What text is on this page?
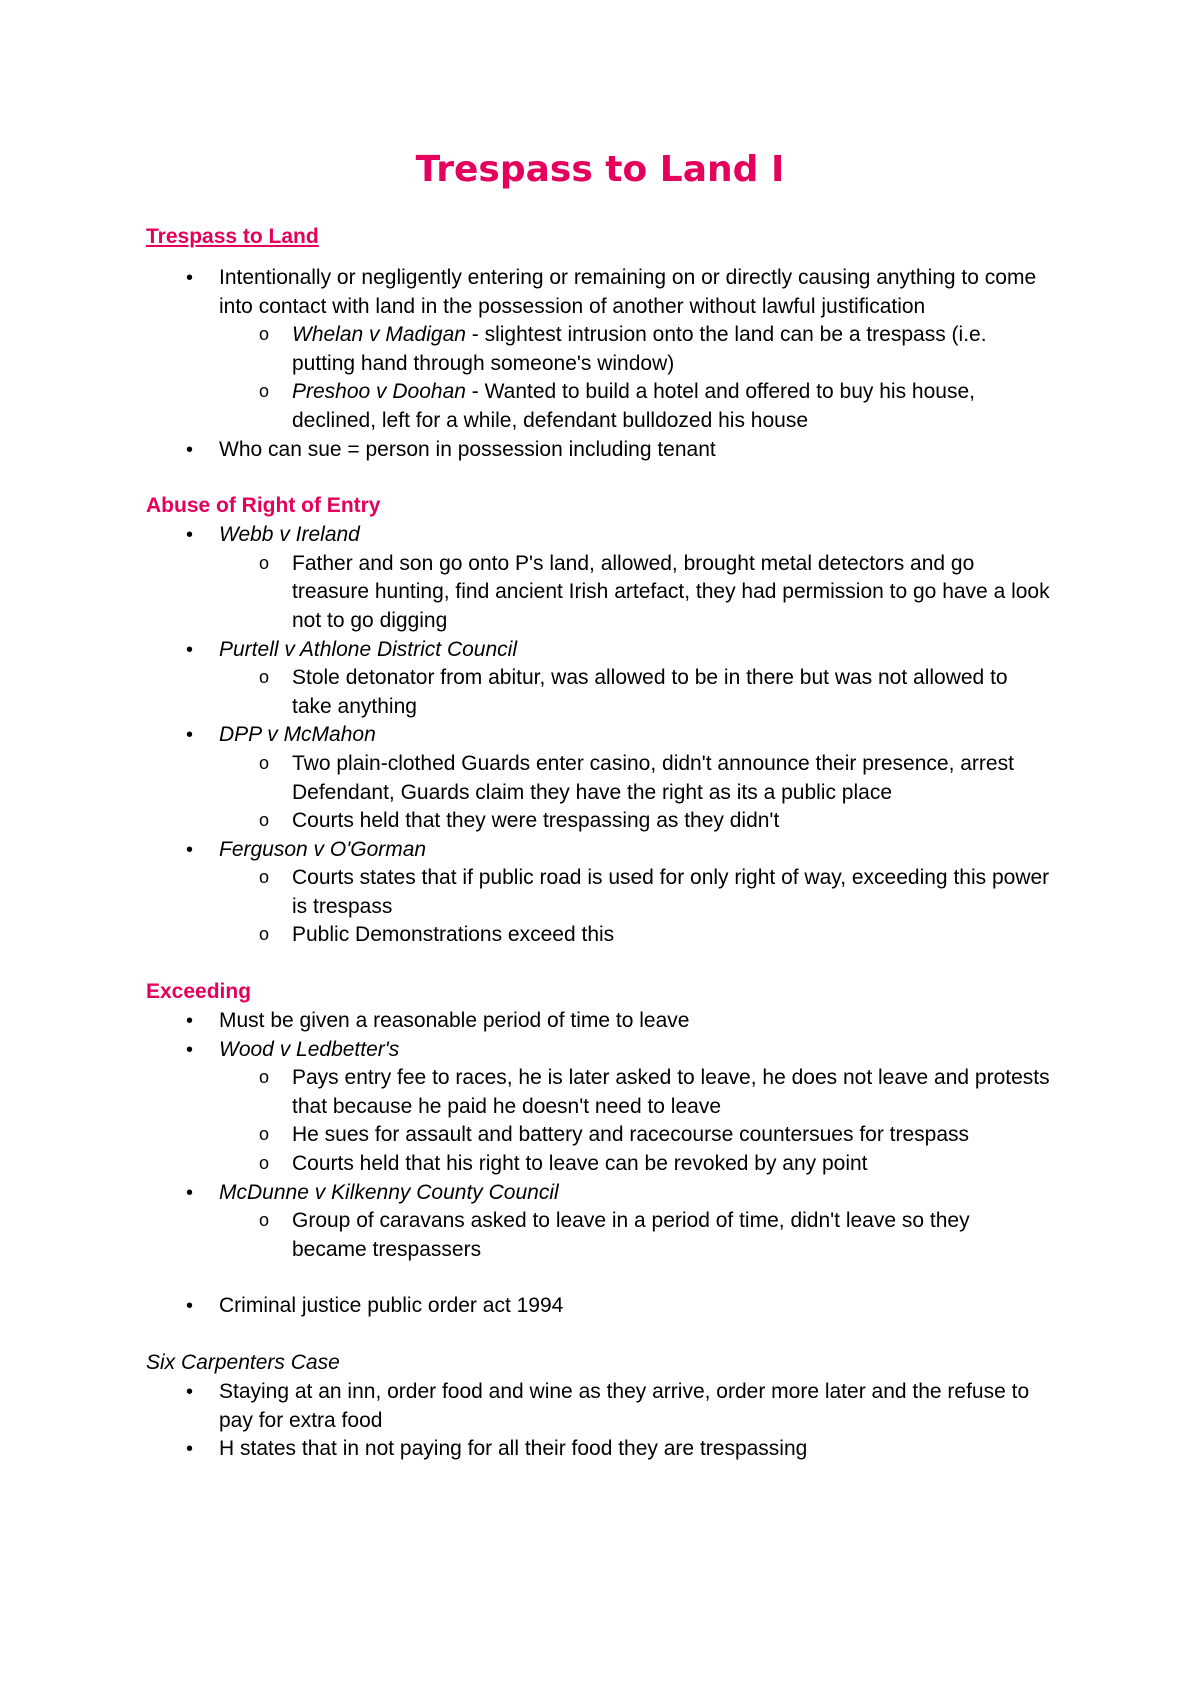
Trespass to Land I

Trespass to Land

• Intentionally or negligently entering or remaining on or directly causing anything to come into contact with land in the possession of another without lawful justification
o Whelan v Madigan - slightest intrusion onto the land can be a trespass (i.e. putting hand through someone's window)
o Preshoo v Doohan - Wanted to build a hotel and offered to buy his house, declined, left for a while, defendant bulldozed his house
• Who can sue = person in possession including tenant

Abuse of Right of Entry

• Webb v Ireland
o Father and son go onto P's land, allowed, brought metal detectors and go treasure hunting, find ancient Irish artefact, they had permission to go have a look not to go digging
• Purtell v Athlone District Council
o Stole detonator from abitur, was allowed to be in there but was not allowed to take anything
• DPP v McMahon
o Two plain-clothed Guards enter casino, didn't announce their presence, arrest Defendant, Guards claim they have the right as its a public place
o Courts held that they were trespassing as they didn't
• Ferguson v O'Gorman
o Courts states that if public road is used for only right of way, exceeding this power is trespass
o Public Demonstrations exceed this

Exceeding

• Must be given a reasonable period of time to leave
• Wood v Ledbetter's
o Pays entry fee to races, he is later asked to leave, he does not leave and protests that because he paid he doesn't need to leave
o He sues for assault and battery and racecourse countersues for trespass
o Courts held that his right to leave can be revoked by any point
• McDunne v Kilkenny County Council
o Group of caravans asked to leave in a period of time, didn't leave so they became trespassers
• Criminal justice public order act 1994

Six Carpenters Case

• Staying at an inn, order food and wine as they arrive, order more later and the refuse to pay for extra food
• H states that in not paying for all their food they are trespassing
